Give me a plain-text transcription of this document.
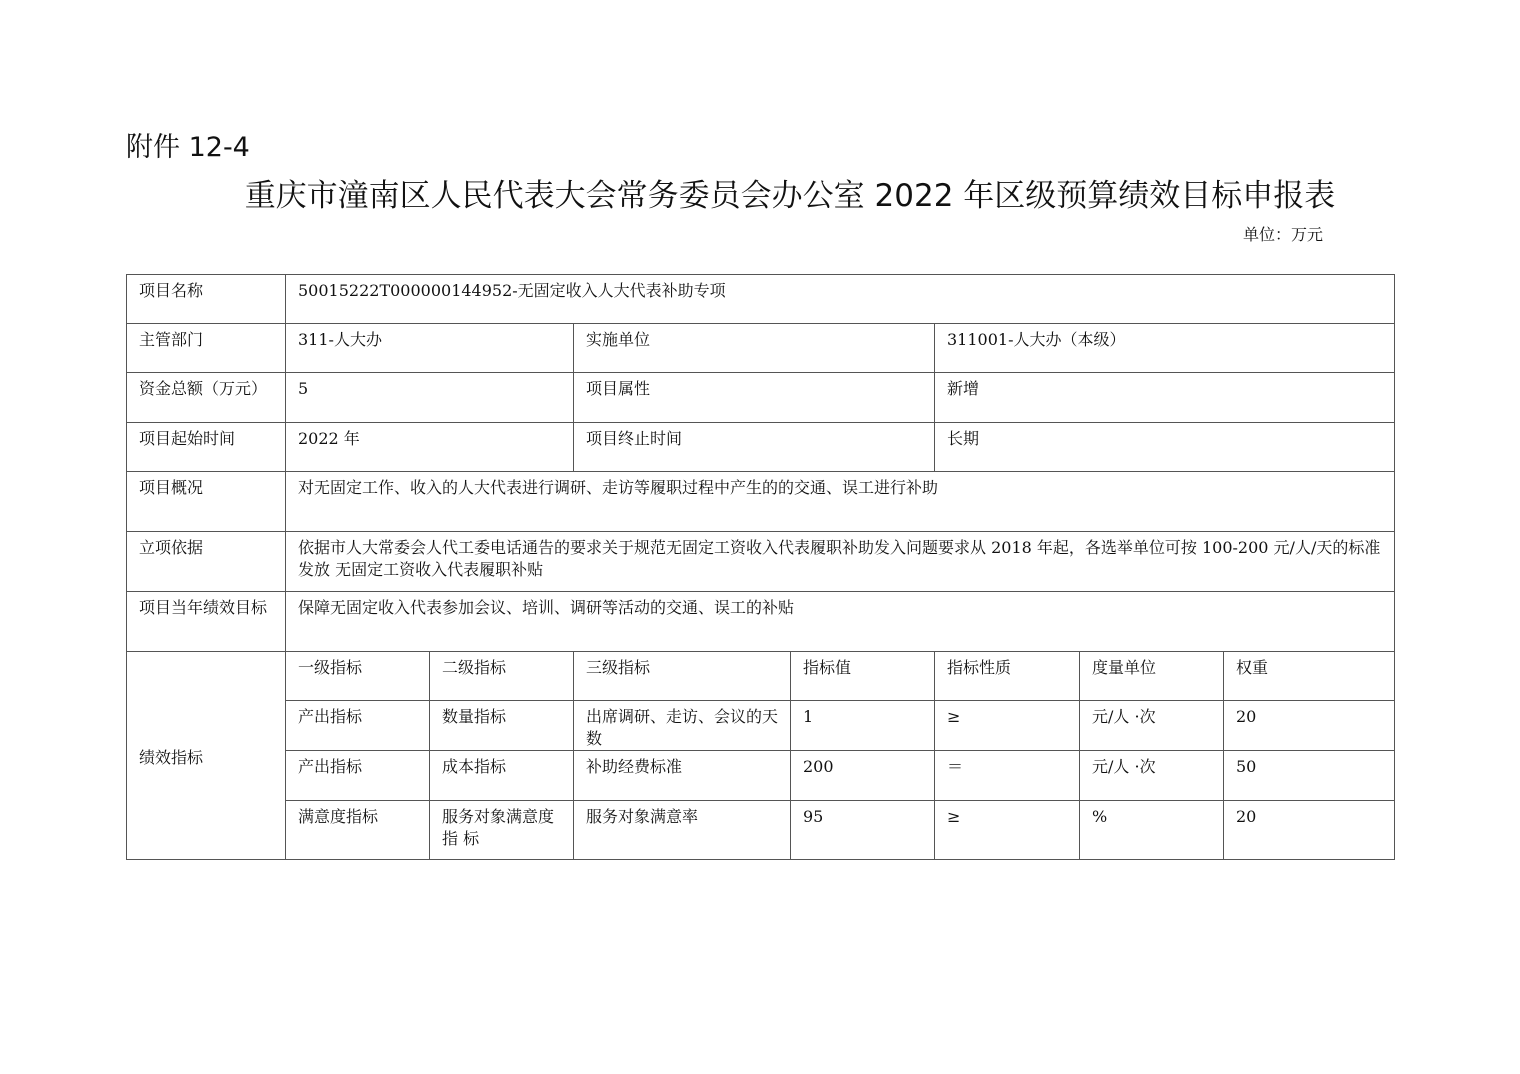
附件 12-4
重庆市潼南区人民代表大会常务委员会办公室 2022 年区级预算绩效目标申报表
单位：万元
项目名称	50015222T000000144952-无固定收入人大代表补助专项						
主管部门	311-人大办		实施单位		311001-人大办（本级）		
资金总额（万元）	5		项目属性		新增		
项目起始时间	2022 年		项目终止时间		长期		
项目概况	对无固定工作、收入的人大代表进行调研、走访等履职过程中产生的的交通、误工进行补助						
立项依据	依据市人大常委会人代工委电话通告的要求关于规范无固定工资收入代表履职补助发入问题要求从 2018 年起，各选举单位可按 100-200 元/人/天的标准发放 无固定工资收入代表履职补贴						
项目当年绩效目标	保障无固定收入代表参加会议、培训、调研等活动的交通、误工的补贴						
绩效指标	一级指标	二级指标	三级指标	指标值	指标性质	度量单位	权重
	产出指标	数量指标	出席调研、走访、会议的天数	1	≥	元/人 ·次	20
	产出指标	成本指标	补助经费标准	200	＝	元/人 ·次	50
	满意度指标	服务对象满意度指 标	服务对象满意率	95	≥	%	20
